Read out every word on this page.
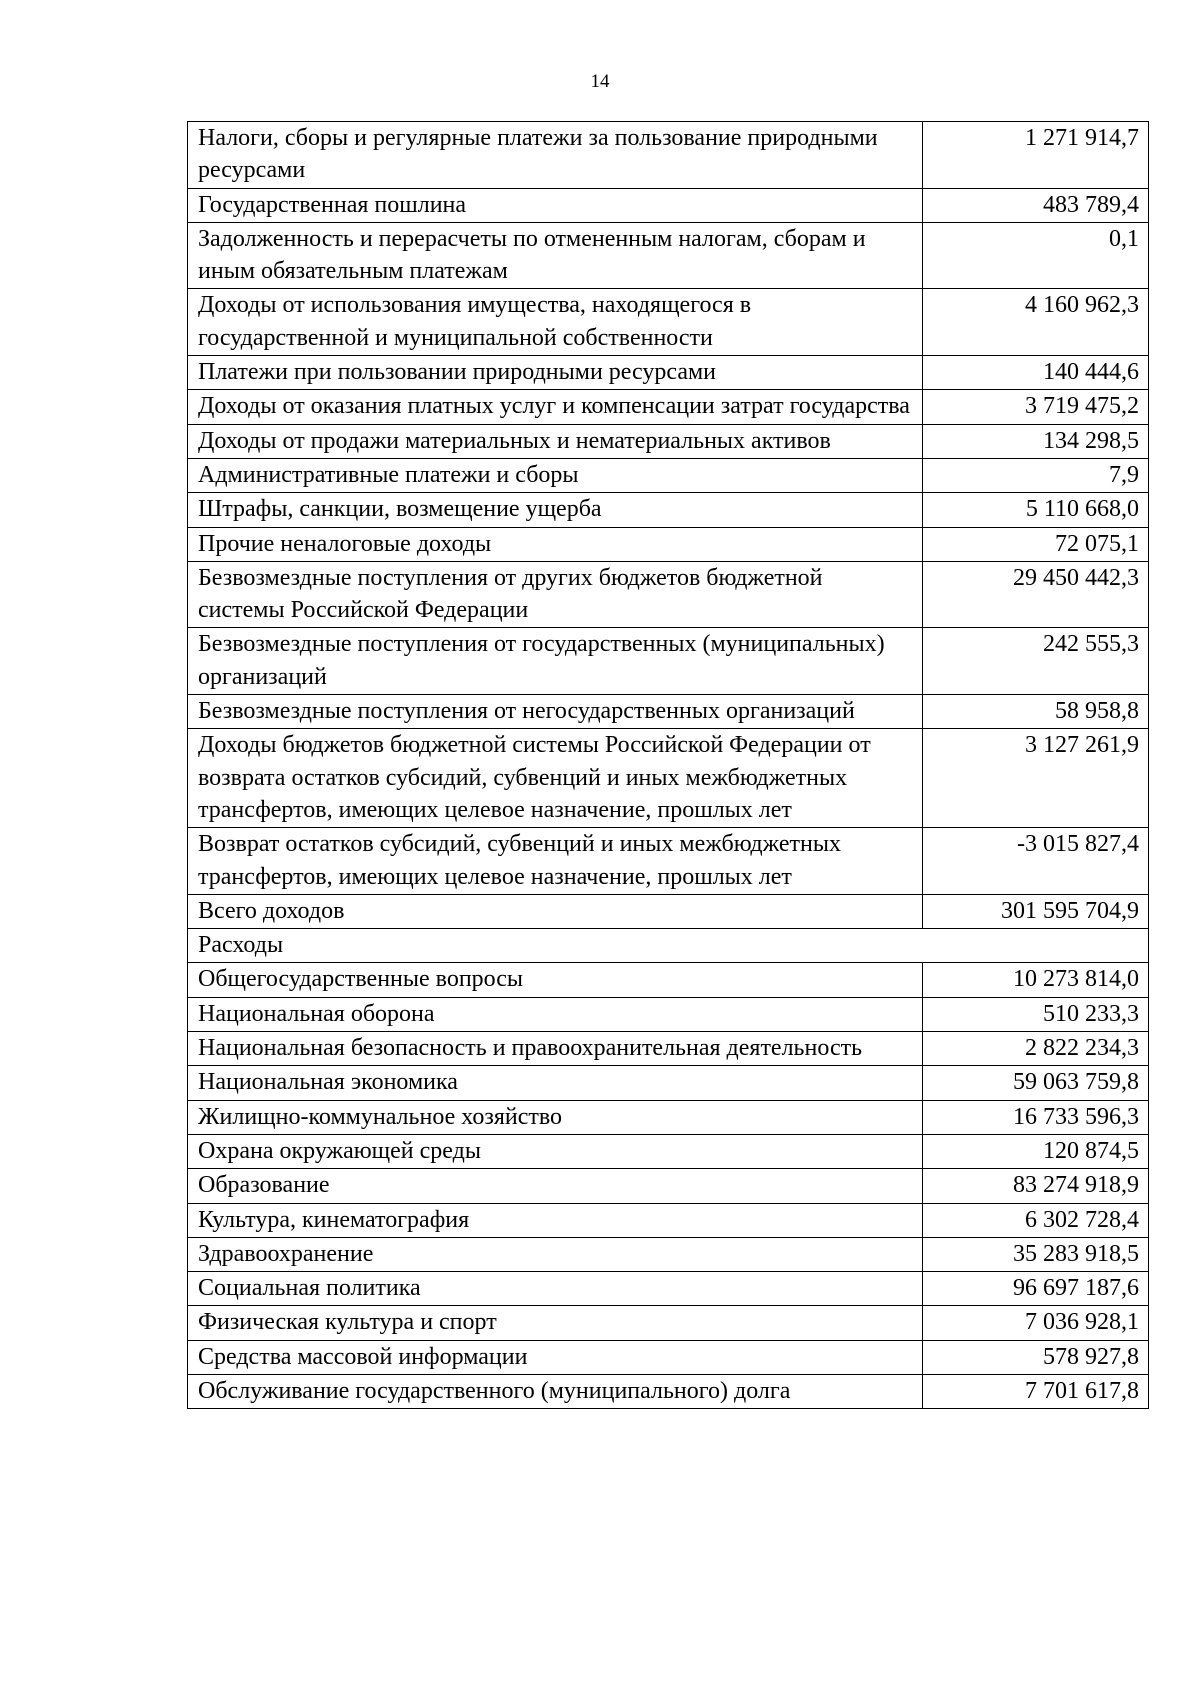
14
Налоги, сборы и регулярные платежи за пользование природными ресурсами	1 271 914,7
Государственная пошлина	483 789,4
Задолженность и перерасчеты по отмененным налогам, сборам и иным обязательным платежам	0,1
Доходы от использования имущества, находящегося в государственной и муниципальной собственности	4 160 962,3
Платежи при пользовании природными ресурсами	140 444,6
Доходы от оказания платных услуг и компенсации затрат государства	3 719 475,2
Доходы от продажи материальных и нематериальных активов	134 298,5
Административные платежи и сборы	7,9
Штрафы, санкции, возмещение ущерба	5 110 668,0
Прочие неналоговые доходы	72 075,1
Безвозмездные поступления от других бюджетов бюджетной системы Российской Федерации	29 450 442,3
Безвозмездные поступления от государственных (муниципальных) организаций	242 555,3
Безвозмездные поступления от негосударственных организаций	58 958,8
Доходы бюджетов бюджетной системы Российской Федерации от возврата остатков субсидий, субвенций и иных межбюджетных трансфертов, имеющих целевое назначение, прошлых лет	3 127 261,9
Возврат остатков субсидий, субвенций и иных межбюджетных трансфертов, имеющих целевое назначение, прошлых лет	-3 015 827,4
Всего доходов	301 595 704,9
Расходы	
Общегосударственные вопросы	10 273 814,0
Национальная оборона	510 233,3
Национальная безопасность и правоохранительная деятельность	2 822 234,3
Национальная экономика	59 063 759,8
Жилищно-коммунальное хозяйство	16 733 596,3
Охрана окружающей среды	120 874,5
Образование	83 274 918,9
Культура, кинематография	6 302 728,4
Здравоохранение	35 283 918,5
Социальная политика	96 697 187,6
Физическая культура и спорт	7 036 928,1
Средства массовой информации	578 927,8
Обслуживание государственного (муниципального) долга	7 701 617,8
